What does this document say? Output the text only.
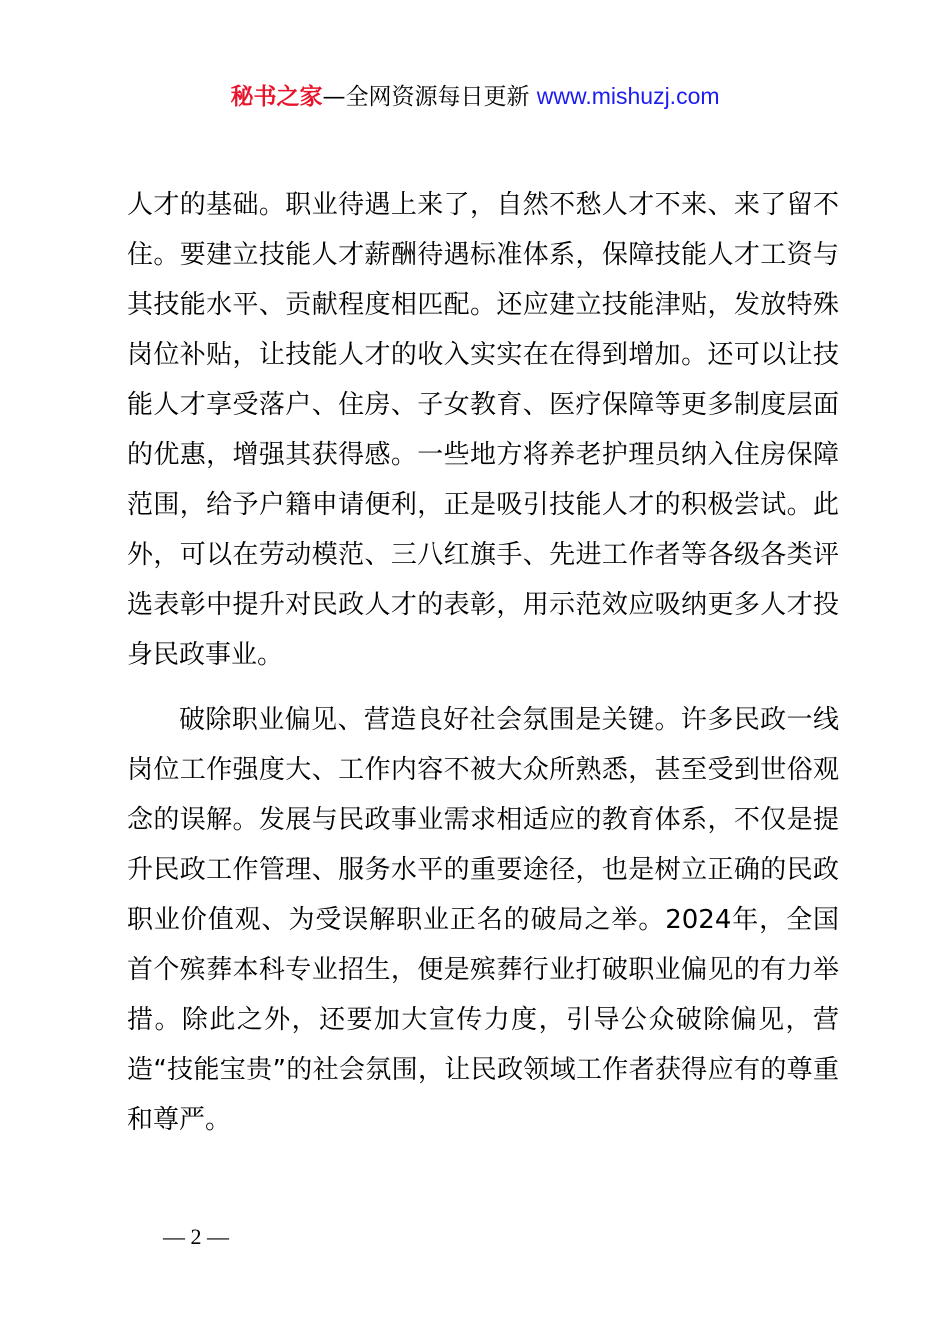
秘书之家—全网资源每日更新 www.mishuzj.com

人才的基础。职业待遇上来了，自然不愁人才不来、来了留不住。要建立技能人才薪酬待遇标准体系，保障技能人才工资与其技能水平、贡献程度相匹配。还应建立技能津贴，发放特殊岗位补贴，让技能人才的收入实实在在得到增加。还可以让技能人才享受落户、住房、子女教育、医疗保障等更多制度层面的优惠，增强其获得感。一些地方将养老护理员纳入住房保障范围，给予户籍申请便利，正是吸引技能人才的积极尝试。此外，可以在劳动模范、三八红旗手、先进工作者等各级各类评选表彰中提升对民政人才的表彰，用示范效应吸纳更多人才投身民政事业。

破除职业偏见、营造良好社会氛围是关键。许多民政一线岗位工作强度大、工作内容不被大众所熟悉，甚至受到世俗观念的误解。发展与民政事业需求相适应的教育体系，不仅是提升民政工作管理、服务水平的重要途径，也是树立正确的民政职业价值观、为受误解职业正名的破局之举。2024年，全国首个殡葬本科专业招生，便是殡葬行业打破职业偏见的有力举措。除此之外，还要加大宣传力度，引导公众破除偏见，营造“技能宝贵”的社会氛围，让民政领域工作者获得应有的尊重和尊严。

— 2 —
